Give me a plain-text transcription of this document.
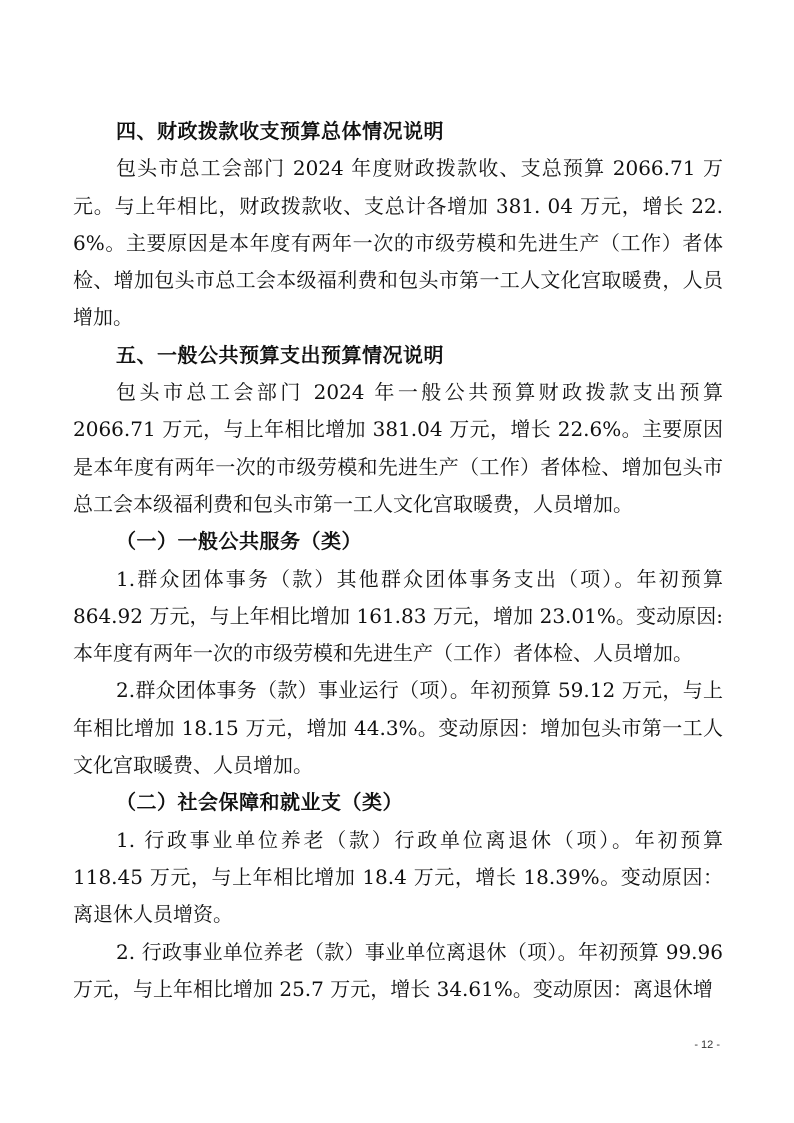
四、财政拨款收支预算总体情况说明

包头市总工会部门 2024 年度财政拨款收、支总预算 2066.71 万元。与上年相比，财政拨款收、支总计各增加 381. 04 万元，增长 22. 6%。主要原因是本年度有两年一次的市级劳模和先进生产（工作）者体检、增加包头市总工会本级福利费和包头市第一工人文化宫取暖费，人员增加。

五、一般公共预算支出预算情况说明

包头市总工会部门 2024 年一般公共预算财政拨款支出预算 2066.71 万元，与上年相比增加 381.04 万元，增长 22.6%。主要原因是本年度有两年一次的市级劳模和先进生产（工作）者体检、增加包头市总工会本级福利费和包头市第一工人文化宫取暖费，人员增加。

（一）一般公共服务（类）

1.群众团体事务（款）其他群众团体事务支出（项）。年初预算 864.92 万元，与上年相比增加 161.83 万元，增加 23.01%。变动原因: 本年度有两年一次的市级劳模和先进生产（工作）者体检、人员增加。

2.群众团体事务（款）事业运行（项）。年初预算 59.12 万元，与上年相比增加 18.15 万元，增加 44.3%。变动原因：增加包头市第一工人文化宫取暖费、人员增加。

（二）社会保障和就业支（类）

1. 行政事业单位养老（款）行政单位离退休（项）。年初预算 118.45 万元，与上年相比增加 18.4 万元，增长 18.39%。变动原因：离退休人员增资。

2. 行政事业单位养老（款）事业单位离退休（项）。年初预算 99.96 万元，与上年相比增加 25.7 万元，增长 34.61%。变动原因：离退休增

- 12 -
